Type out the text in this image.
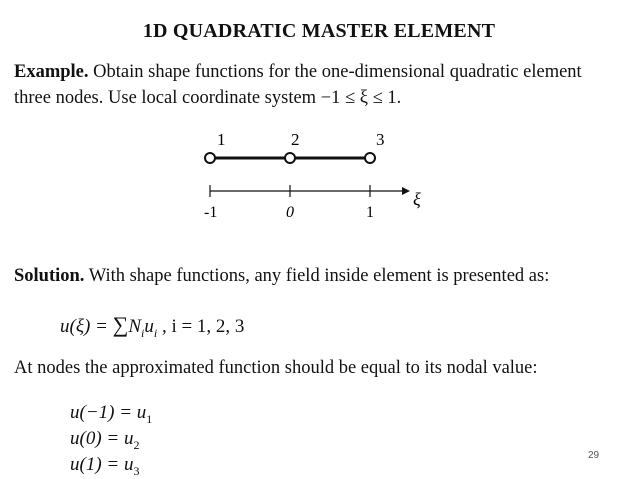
1D QUADRATIC MASTER ELEMENT
Example. Obtain shape functions for the one-dimensional quadratic element
three nodes. Use local coordinate system −1 ≤ ξ ≤ 1.
1	2	3
-1	0	1
ξ
Solution. With shape functions, any field inside element is presented as:
$u(\xi) = \sum N_iu_i$ , i = 1, 2, 3
At nodes the approximated function should be equal to its nodal value:
$u(-1) = u_1$
$u(0) = u_2$
$u(1) = u_3$
29
